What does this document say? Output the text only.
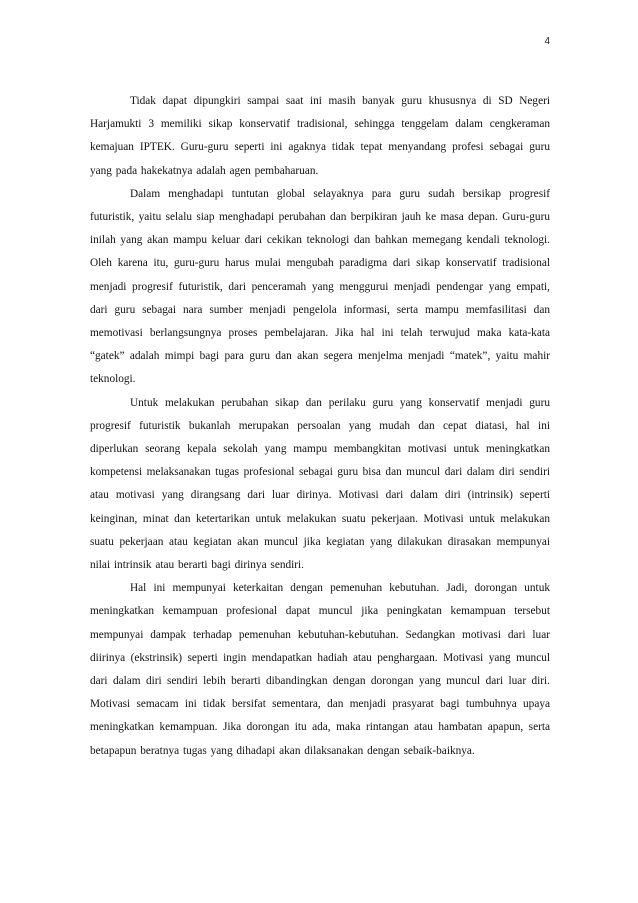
4

Tidak dapat dipungkiri sampai saat ini masih banyak guru khususnya di SD Negeri Harjamukti 3 memiliki sikap konservatif tradisional, sehingga tenggelam dalam cengkeraman kemajuan IPTEK. Guru-guru seperti ini agaknya tidak tepat menyandang profesi sebagai guru yang pada hakekatnya adalah agen pembaharuan.

Dalam menghadapi tuntutan global selayaknya para guru sudah bersikap progresif futuristik, yaitu selalu siap menghadapi perubahan dan berpikiran jauh ke masa depan. Guru-guru inilah yang akan mampu keluar dari cekikan teknologi dan bahkan memegang kendali teknologi. Oleh karena itu, guru-guru harus mulai mengubah paradigma dari sikap konservatif tradisional menjadi progresif futuristik, dari penceramah yang menggurui menjadi pendengar yang empati, dari guru sebagai nara sumber menjadi pengelola informasi, serta mampu memfasilitasi dan memotivasi berlangsungnya proses pembelajaran. Jika hal ini telah terwujud maka kata-kata “gatek” adalah mimpi bagi para guru dan akan segera menjelma menjadi “matek”, yaitu mahir teknologi.

Untuk melakukan perubahan sikap dan perilaku guru yang konservatif menjadi guru progresif futuristik bukanlah merupakan persoalan yang mudah dan cepat diatasi, hal ini diperlukan seorang kepala sekolah yang mampu membangkitan motivasi untuk meningkatkan kompetensi melaksanakan tugas profesional sebagai guru bisa dan muncul dari dalam diri sendiri atau motivasi yang dirangsang dari luar dirinya. Motivasi dari dalam diri (intrinsik) seperti keinginan, minat dan ketertarikan untuk melakukan suatu pekerjaan. Motivasi untuk melakukan suatu pekerjaan atau kegiatan akan muncul jika kegiatan yang dilakukan dirasakan mempunyai nilai intrinsik atau berarti bagi dirinya sendiri.

Hal ini mempunyai keterkaitan dengan pemenuhan kebutuhan. Jadi, dorongan untuk meningkatkan kemampuan profesional dapat muncul jika peningkatan kemampuan tersebut mempunyai dampak terhadap pemenuhan kebutuhan-kebutuhan. Sedangkan motivasi dari luar diirinya (ekstrinsik) seperti ingin mendapatkan hadiah atau penghargaan. Motivasi yang muncul dari dalam diri sendiri lebih berarti dibandingkan dengan dorongan yang muncul dari luar diri. Motivasi semacam ini tidak bersifat sementara, dan menjadi prasyarat bagi tumbuhnya upaya meningkatkan kemampuan. Jika dorongan itu ada, maka rintangan atau hambatan apapun, serta betapapun beratnya tugas yang dihadapi akan dilaksanakan dengan sebaik-baiknya.
